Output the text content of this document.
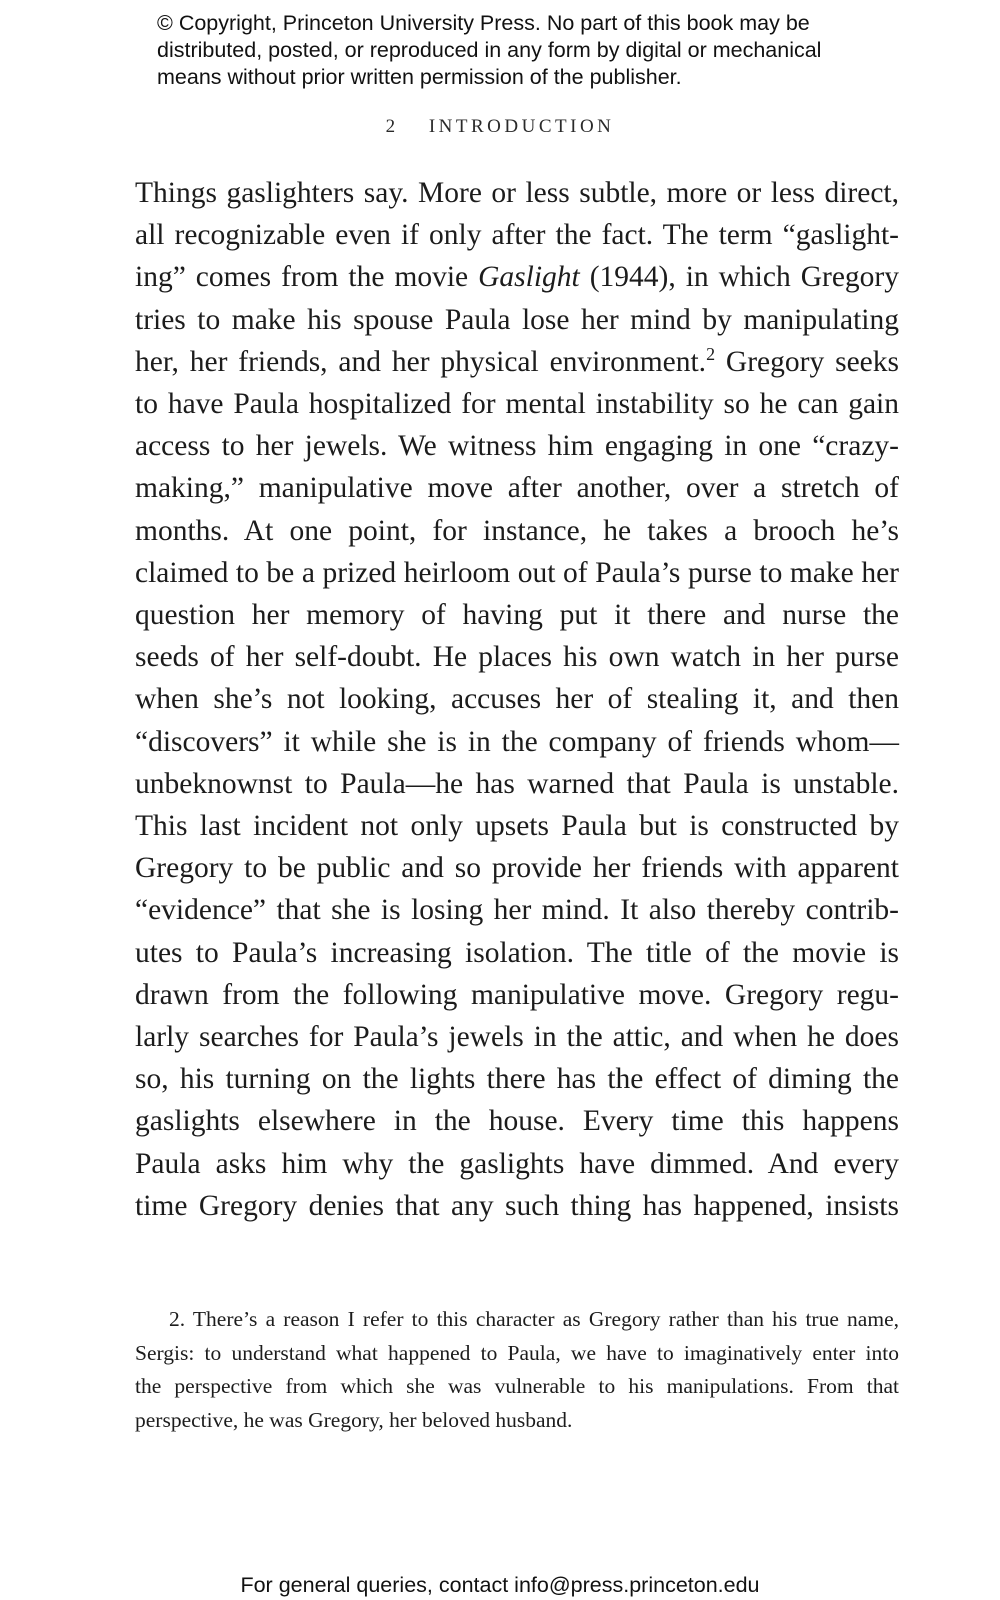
© Copyright, Princeton University Press. No part of this book may be
distributed, posted, or reproduced in any form by digital or mechanical
means without prior written permission of the publisher.
2 INTRODUCTION
Things gaslighters say. More or less subtle, more or less direct,
all recognizable even if only after the fact. The term “gaslight-
ing” comes from the movie Gaslight (1944), in which Gregory
tries to make his spouse Paula lose her mind by manipulating
her, her friends, and her physical environment.$^2$ Gregory seeks
to have Paula hospitalized for mental instability so he can gain
access to her jewels. We witness him engaging in one “crazy-
making,” manipulative move after another, over a stretch of
months. At one point, for instance, he takes a brooch he’s
claimed to be a prized heirloom out of Paula’s purse to make her
question her memory of having put it there and nurse the
seeds of her self-doubt. He places his own watch in her purse
when she’s not looking, accuses her of stealing it, and then
“discovers” it while she is in the company of friends whom—
unbeknownst to Paula—he has warned that Paula is unstable.
This last incident not only upsets Paula but is constructed by
Gregory to be public and so provide her friends with apparent
“evidence” that she is losing her mind. It also thereby contrib-
utes to Paula’s increasing isolation. The title of the movie is
drawn from the following manipulative move. Gregory regu-
larly searches for Paula’s jewels in the attic, and when he does
so, his turning on the lights there has the effect of diming the
gaslights elsewhere in the house. Every time this happens
Paula asks him why the gaslights have dimmed. And every
time Gregory denies that any such thing has happened, insists
2. There’s a reason I refer to this character as Gregory rather than his true name,
Sergis: to understand what happened to Paula, we have to imaginatively enter into
the perspective from which she was vulnerable to his manipulations. From that
perspective, he was Gregory, her beloved husband.
For general queries, contact info@press.princeton.edu
